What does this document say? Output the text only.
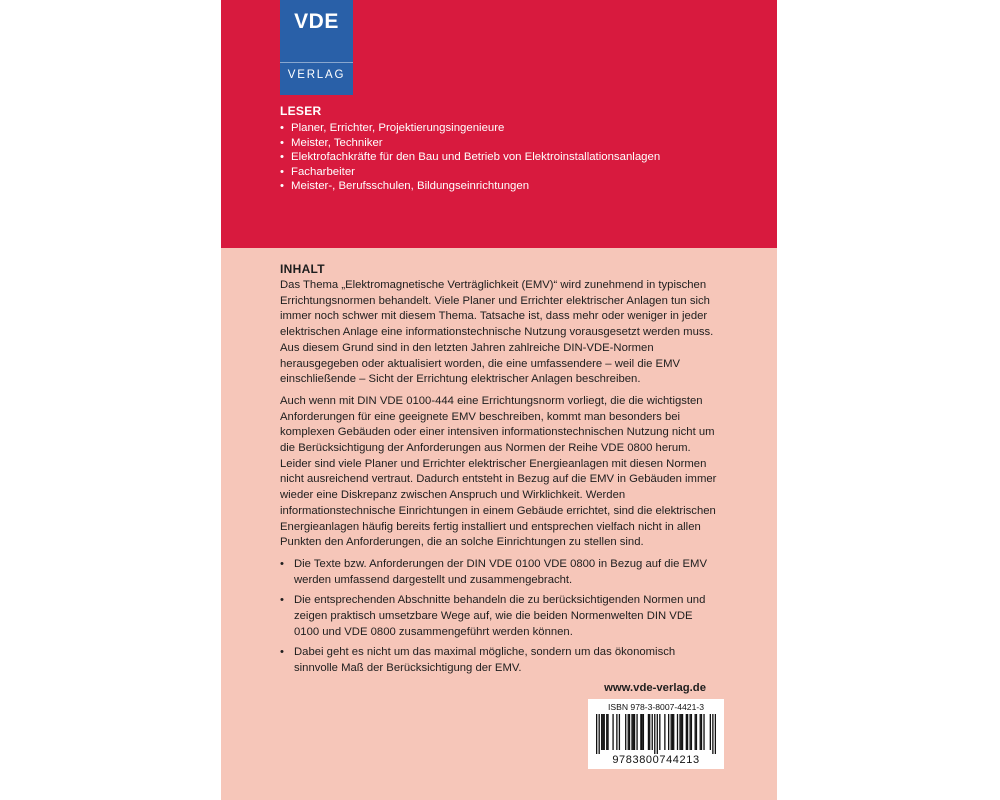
VDE
VERLAG
LESER
• Planer, Errichter, Projektierungsingenieure
• Meister, Techniker
• Elektrofachkräfte für den Bau und Betrieb von Elektroinstallationsanlagen
• Facharbeiter
• Meister-, Berufsschulen, Bildungseinrichtungen
INHALT

Das Thema „Elektromagnetische Verträglichkeit (EMV)“ wird zunehmend in typischen Errichtungsnormen behandelt. Viele Planer und Errichter elektrischer Anlagen tun sich immer noch schwer mit diesem Thema. Tatsache ist, dass mehr oder weniger in jeder elektrischen Anlage eine informationstechnische Nutzung vorausgesetzt werden muss. Aus diesem Grund sind in den letzten Jahren zahlreiche DIN-VDE-Normen herausgegeben oder aktualisiert worden, die eine umfassendere – weil die EMV einschließende – Sicht der Errichtung elektrischer Anlagen beschreiben.

Auch wenn mit DIN VDE 0100-444 eine Errichtungsnorm vorliegt, die die wichtigsten Anforderungen für eine geeignete EMV beschreiben, kommt man besonders bei komplexen Gebäuden oder einer intensiven informationstechnischen Nutzung nicht um die Berücksichtigung der Anforderungen aus Normen der Reihe VDE 0800 herum. Leider sind viele Planer und Errichter elektrischer Energieanlagen mit diesen Normen nicht ausreichend vertraut. Dadurch entsteht in Bezug auf die EMV in Gebäuden immer wieder eine Diskrepanz zwischen Anspruch und Wirklichkeit. Werden informationstechnische Einrichtungen in einem Gebäude errichtet, sind die elektrischen Energieanlagen häufig bereits fertig installiert und entsprechen vielfach nicht in allen Punkten den Anforderungen, die an solche Einrichtungen zu stellen sind.

• Die Texte bzw. Anforderungen der DIN VDE 0100 VDE 0800 in Bezug auf die EMV werden umfassend dargestellt und zusammengebracht.
• Die entsprechenden Abschnitte behandeln die zu berücksichtigenden Normen und zeigen praktisch umsetzbare Wege auf, wie die beiden Normenwelten DIN VDE 0100 und VDE 0800 zusammengeführt werden können.
• Dabei geht es nicht um das maximal mögliche, sondern um das ökonomisch sinnvolle Maß der Berücksichtigung der EMV.
www.vde-verlag.de
ISBN 978-3-8007-4421-3
9783800744213
